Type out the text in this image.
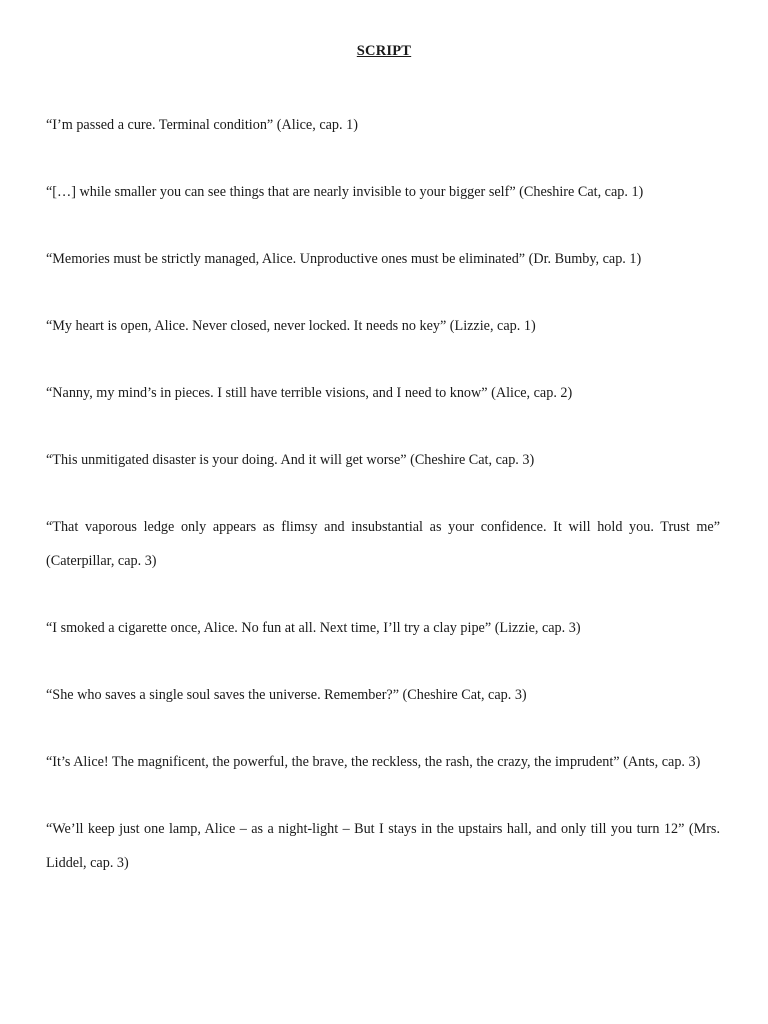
SCRIPT
“I’m passed a cure. Terminal condition” (Alice, cap. 1)
“[…] while smaller you can see things that are nearly invisible to your bigger self” (Cheshire Cat, cap. 1)
“Memories must be strictly managed, Alice. Unproductive ones must be eliminated” (Dr. Bumby, cap. 1)
“My heart is open, Alice. Never closed, never locked. It needs no key” (Lizzie, cap. 1)
“Nanny, my mind’s in pieces. I still have terrible visions, and I need to know” (Alice, cap. 2)
“This unmitigated disaster is your doing. And it will get worse” (Cheshire Cat, cap. 3)
“That vaporous ledge only appears as flimsy and insubstantial as your confidence. It will hold you. Trust me” (Caterpillar, cap. 3)
“I smoked a cigarette once, Alice. No fun at all. Next time, I’ll try a clay pipe” (Lizzie, cap. 3)
“She who saves a single soul saves the universe. Remember?” (Cheshire Cat, cap. 3)
“It’s Alice! The magnificent, the powerful, the brave, the reckless, the rash, the crazy, the imprudent” (Ants, cap. 3)
“We’ll keep just one lamp, Alice – as a night-light – But I stays in the upstairs hall, and only till you turn 12” (Mrs. Liddel, cap. 3)
